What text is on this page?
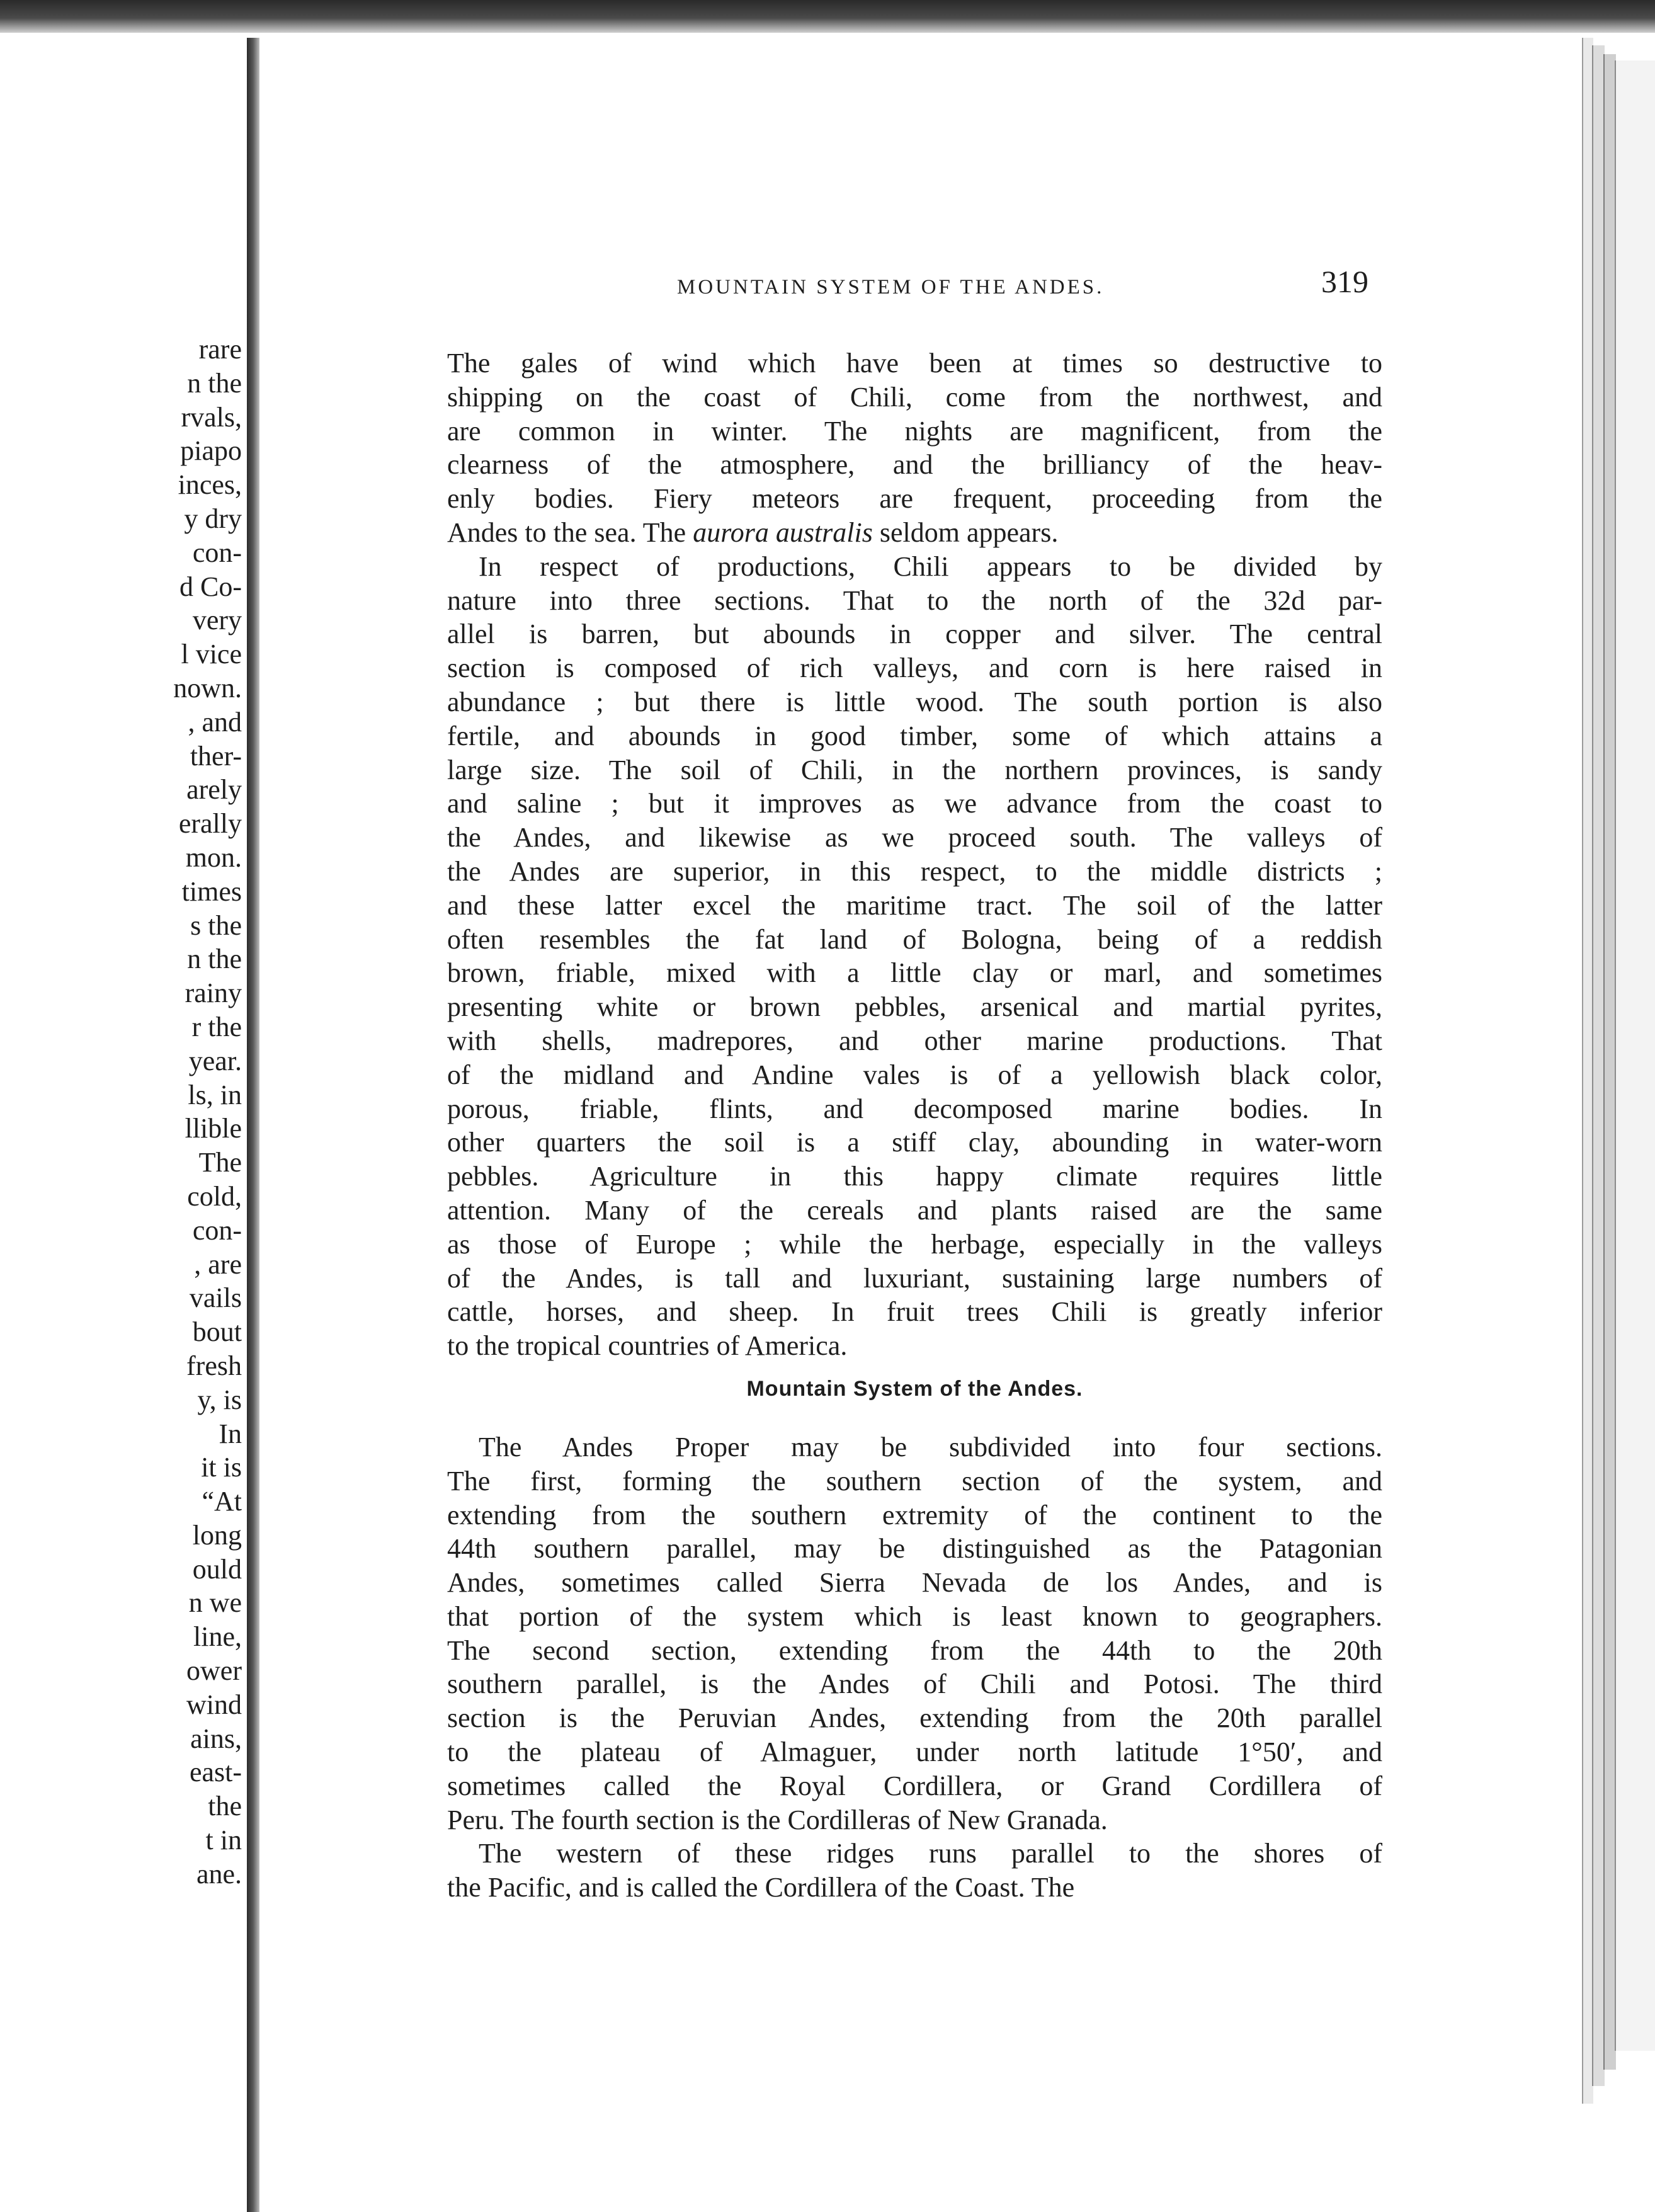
rare
n the
rvals,
piapo
inces,
y dry
con-
d Co-
very
l vice
nown.
, and
ther-
arely
erally
mon.
times
s the
n the
rainy
r the
year.
ls, in
llible
The
cold,
con-
, are
vails
bout
fresh
y, is
In
it is
“At
long
ould
n we
line,
ower
wind
ains,
east-
the
t in
ane.
MOUNTAIN SYSTEM OF THE ANDES.	319
The gales of wind which have been at times so destructive to
shipping on the coast of Chili, come from the northwest, and
are common in winter. The nights are magnificent, from the
clearness of the atmosphere, and the brilliancy of the heav-
enly bodies. Fiery meteors are frequent, proceeding from the
Andes to the sea. The aurora australis seldom appears.
In respect of productions, Chili appears to be divided by
nature into three sections. That to the north of the 32d par-
allel is barren, but abounds in copper and silver. The central
section is composed of rich valleys, and corn is here raised in
abundance ; but there is little wood. The south portion is also
fertile, and abounds in good timber, some of which attains a
large size. The soil of Chili, in the northern provinces, is sandy
and saline ; but it improves as we advance from the coast to
the Andes, and likewise as we proceed south. The valleys of
the Andes are superior, in this respect, to the middle districts ;
and these latter excel the maritime tract. The soil of the latter
often resembles the fat land of Bologna, being of a reddish
brown, friable, mixed with a little clay or marl, and sometimes
presenting white or brown pebbles, arsenical and martial pyrites,
with shells, madrepores, and other marine productions. That
of the midland and Andine vales is of a yellowish black color,
porous, friable, flints, and decomposed marine bodies. In
other quarters the soil is a stiff clay, abounding in water-worn
pebbles. Agriculture in this happy climate requires little
attention. Many of the cereals and plants raised are the same
as those of Europe ; while the herbage, especially in the valleys
of the Andes, is tall and luxuriant, sustaining large numbers of
cattle, horses, and sheep. In fruit trees Chili is greatly inferior
to the tropical countries of America.
Mountain System of the Andes.
The Andes Proper may be subdivided into four sections.
The first, forming the southern section of the system, and
extending from the southern extremity of the continent to the
44th southern parallel, may be distinguished as the Patagonian
Andes, sometimes called Sierra Nevada de los Andes, and is
that portion of the system which is least known to geographers.
The second section, extending from the 44th to the 20th
southern parallel, is the Andes of Chili and Potosi. The third
section is the Peruvian Andes, extending from the 20th parallel
to the plateau of Almaguer, under north latitude 1°50′, and
sometimes called the Royal Cordillera, or Grand Cordillera of
Peru. The fourth section is the Cordilleras of New Granada.
The western of these ridges runs parallel to the shores of
the Pacific, and is called the Cordillera of the Coast. The
